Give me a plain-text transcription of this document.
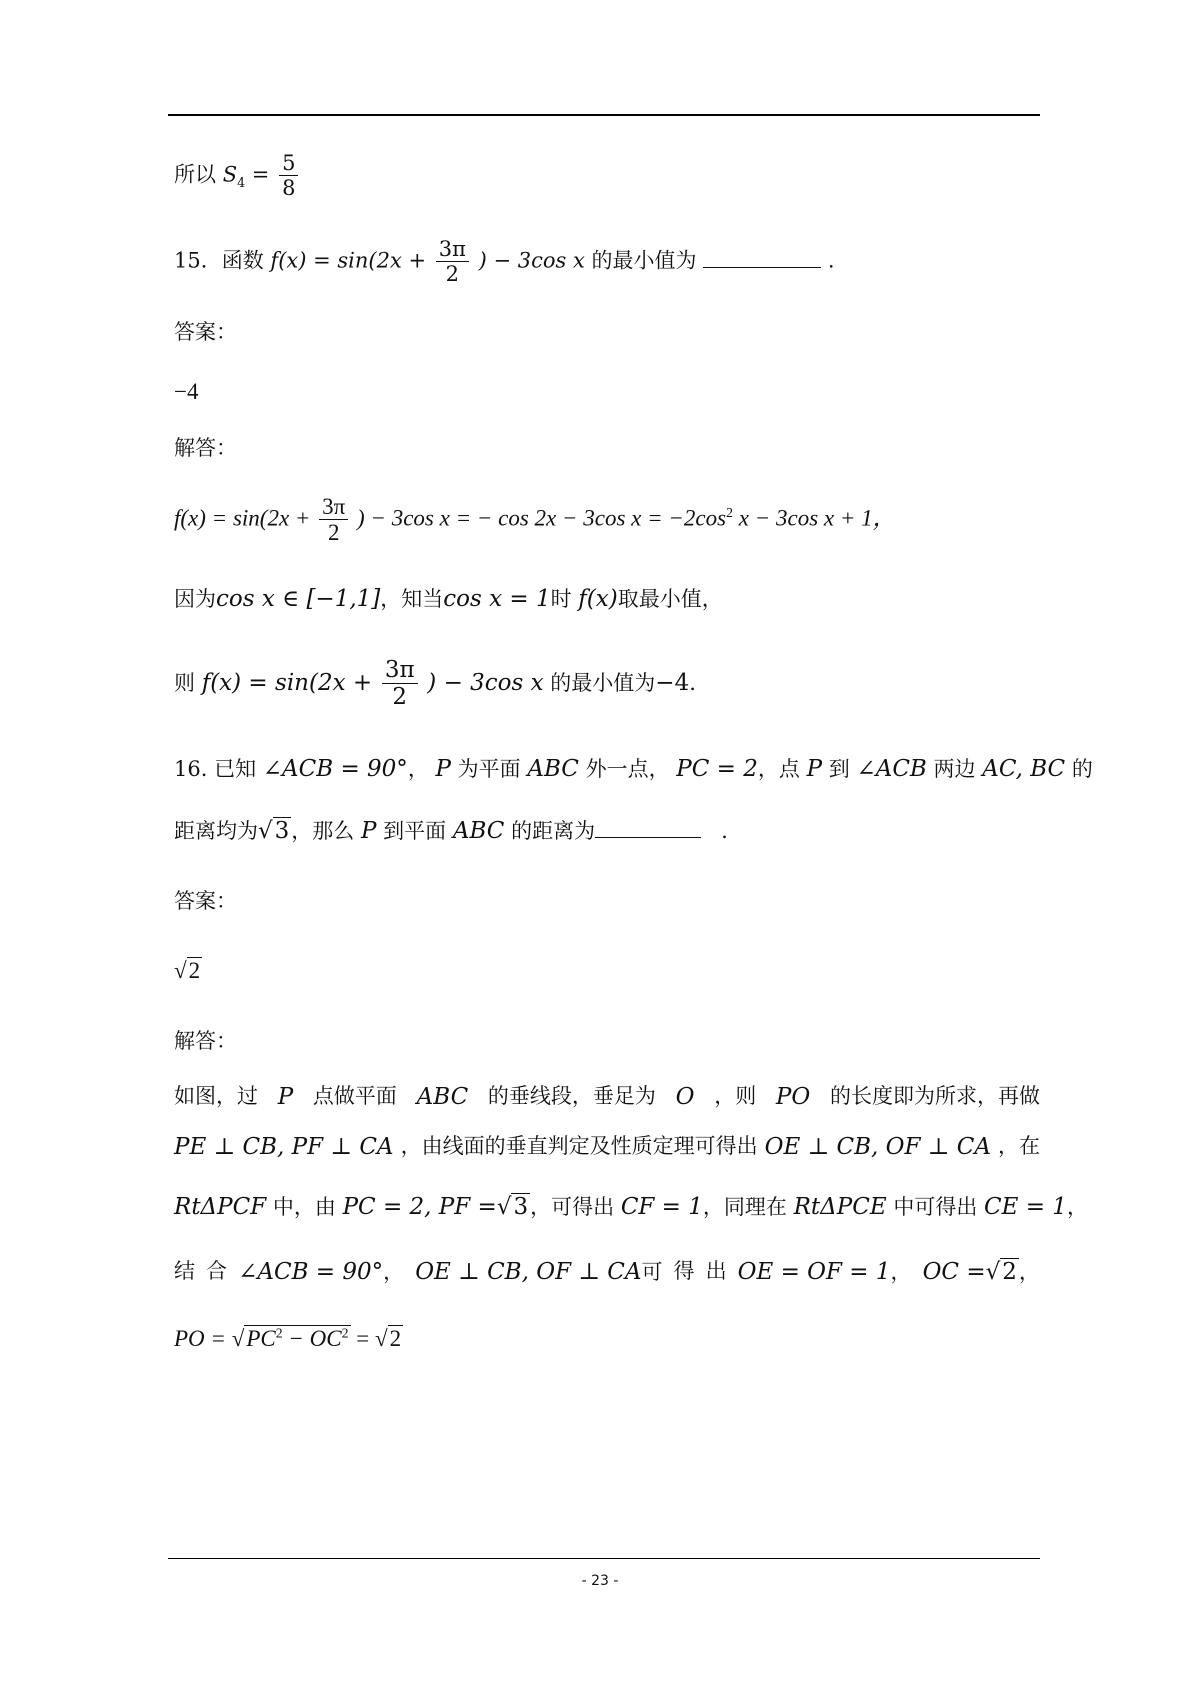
所以 $S_4 = \frac{5}{8}$
15．函数 $f(x) = \sin(2x + \frac{3\pi}{2}$ ) − 3cos x 的最小值为	.
答案：
−4
解答：
$f(x) = \sin(2x + \frac{3\pi}{2}$ ) − 3cos x = − cos 2x − 3cos $x = -2\cos^2$ x − 3cos x + 1，
因为cos x ∈ [−1,1]，知当cos x = 1时 f(x)取最小值，
则 $f(x) = \sin(2x + \frac{3\pi}{2}$ ) − 3cos x 的最小值为−4.
16. 已知 ∠ACB = 90°， P 为平面 ABC 外一点， PC = 2，点 P 到 ∠ACB 两边 AC, BC 的
距离均为√3，那么 P 到平面 ABC 的距离为	.
答案：
√2
解答：
如图，过 P 点做平面 ABC 的垂线段，垂足为 O ，则 PO 的长度即为所求，再做
PE ⊥ CB, PF ⊥ CA ，由线面的垂直判定及性质定理可得出 OE ⊥ CB, OF ⊥ CA ，在
RtΔPCF 中，由 PC = 2, PF =√3，可得出 CF = 1，同理在 RtΔPCE 中可得出 CE = 1，
结 合 ∠ACB = 90°， OE ⊥ CB, OF ⊥ CA可 得 出 OE = OF = 1， OC =√2，
PO = $√PC^2 - OC^2 = √2$
- 23 -
